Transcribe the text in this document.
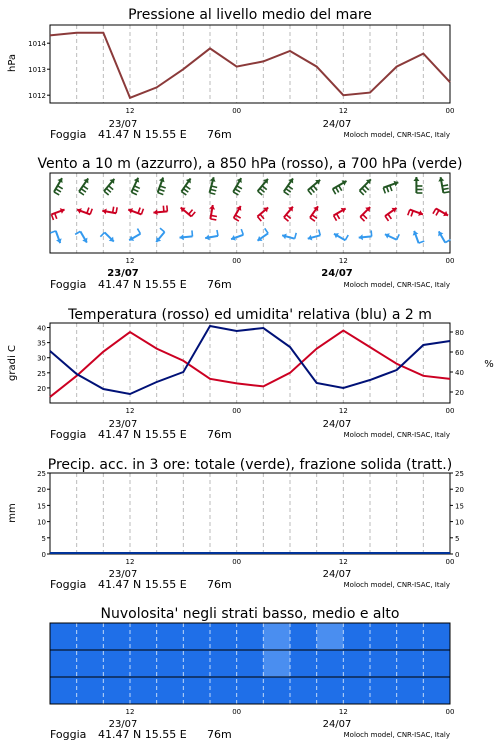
Pressione al livello medio del mare
hPa
1012
1013
1014
12	00	12	00
23/07	24/07
Foggia 41.47 N 15.55 E 76m	Moloch model, CNR-ISAC, Italy
Vento a 10 m (azzurro), a 850 hPa (rosso), a 700 hPa (verde)
12	00	12	00
23/07	24/07
Foggia 41.47 N 15.55 E 76m	Moloch model, CNR-ISAC, Italy
Temperatura (rosso) ed umidita' relativa (blu) a 2 m
gradi C	%
20
25
30
35
40
20
40
60
80
12	00	12	00
23/07	24/07
Foggia 41.47 N 15.55 E 76m	Moloch model, CNR-ISAC, Italy
Precip. acc. in 3 ore: totale (verde), frazione solida (tratt.)
mm
0	0
5	5
10	10
15	15
20	20
25	25
12	00	12	00
23/07	24/07
Foggia 41.47 N 15.55 E 76m	Moloch model, CNR-ISAC, Italy
Nuvolosita' negli strati basso, medio e alto
12	00	12	00
23/07	24/07
Foggia 41.47 N 15.55 E 76m	Moloch model, CNR-ISAC, Italy
